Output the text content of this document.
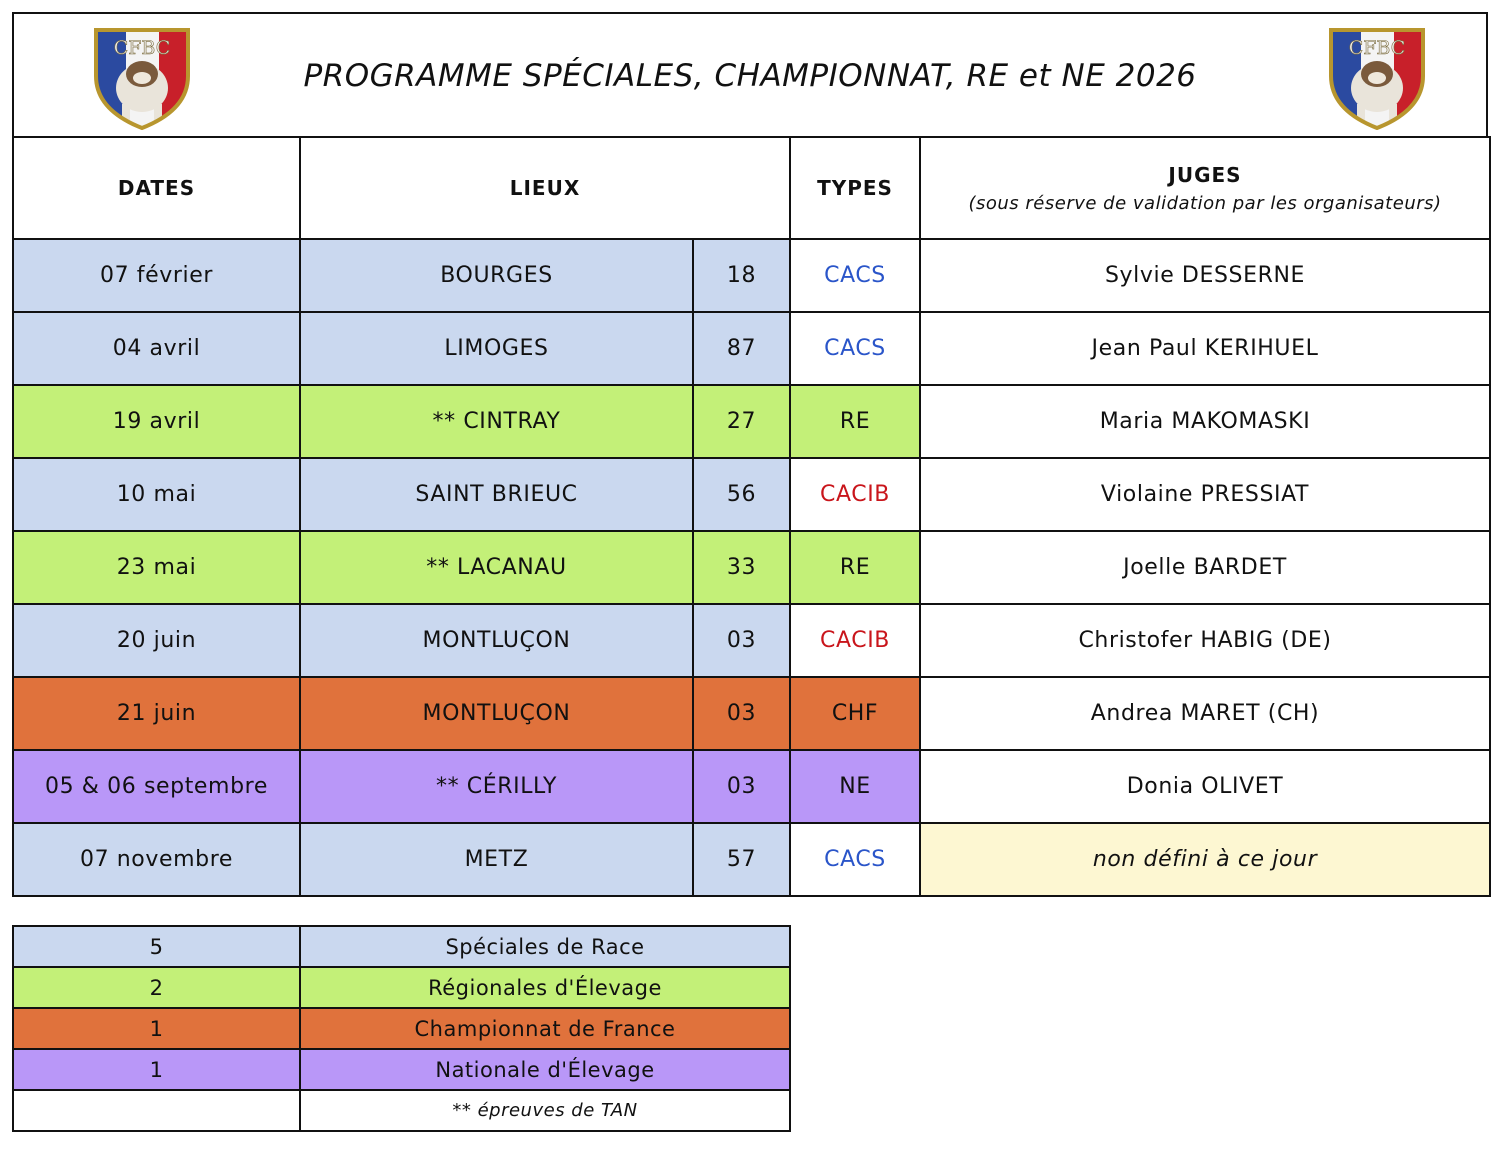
CFBC
PROGRAMME SPÉCIALES, CHAMPIONNAT, RE et NE 2026
CFBC
DATES	LIEUX		TYPES	JUGES
(sous réserve de validation par les organisateurs)

07 février	BOURGES	18	CACS	Sylvie DESSERNE
04 avril	LIMOGES	87	CACS	Jean Paul KERIHUEL
19 avril	** CINTRAY	27	RE	Maria MAKOMASKI
10 mai	SAINT BRIEUC	56	CACIB	Violaine PRESSIAT
23 mai	** LACANAU	33	RE	Joelle BARDET
20 juin	MONTLUÇON	03	CACIB	Christofer HABIG (DE)
21 juin	MONTLUÇON	03	CHF	Andrea MARET (CH)
05 & 06 septembre	** CÉRILLY	03	NE	Donia OLIVET
07 novembre	METZ	57	CACS	non défini à ce jour
5	Spéciales de Race
2	Régionales d'Élevage
1	Championnat de France
1	Nationale d'Élevage
	** épreuves de TAN
